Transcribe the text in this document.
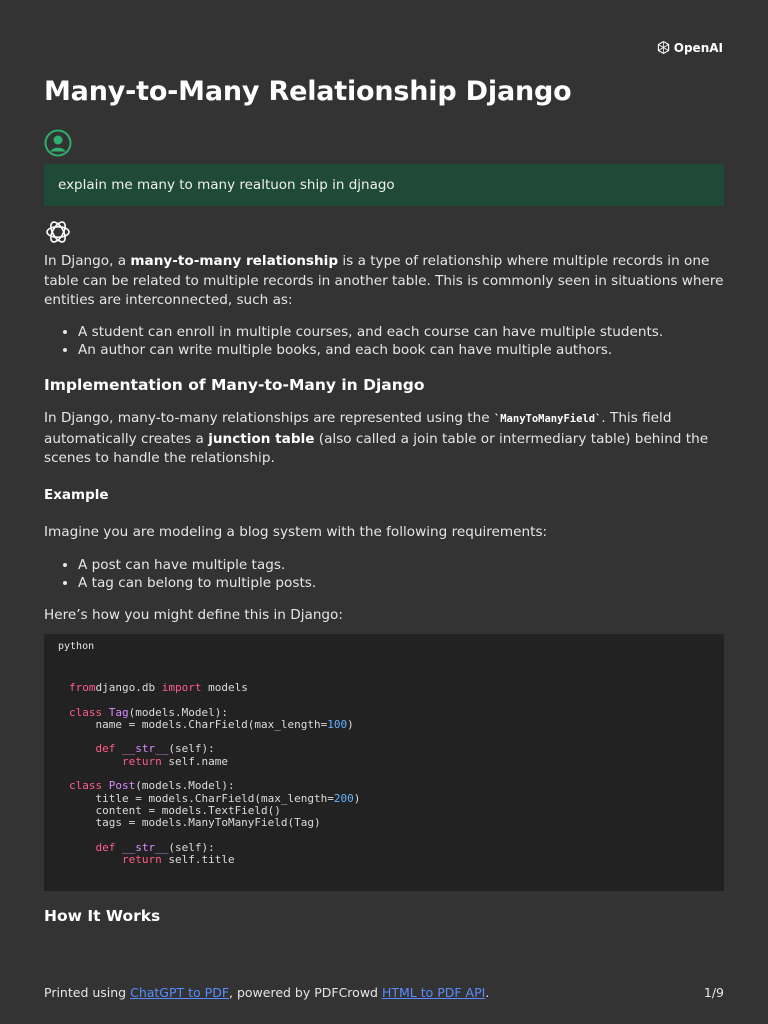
OpenAI
Many-to-Many Relationship Django
explain me many to many realtuon ship in djnago

In Django, a many-to-many relationship is a type of relationship where multiple records in one table can be related to multiple records in another table. This is commonly seen in situations where entities are interconnected, such as:

• A student can enroll in multiple courses, and each course can have multiple students.
• An author can write multiple books, and each book can have multiple authors.
Implementation of Many-to-Many in Django

In Django, many-to-many relationships are represented using the `ManyToManyField`. This field automatically creates a junction table (also called a join table or intermediary table) behind the scenes to handle the relationship.

Example

Imagine you are modeling a blog system with the following requirements:

• A post can have multiple tags.
• A tag can belong to multiple posts.

Here’s how you might define this in Django:

python
fromdjango.db import models

class Tag(models.Model):
name = models.CharField(max_length=100)

def __str__(self):
return self.name

class Post(models.Model):
title = models.CharField(max_length=200)
content = models.TextField()
tags = models.ManyToManyField(Tag)

def __str__(self):
return self.title
How It Works
Printed using ChatGPT to PDF, powered by PDFCrowd HTML to PDF API.	1/9
